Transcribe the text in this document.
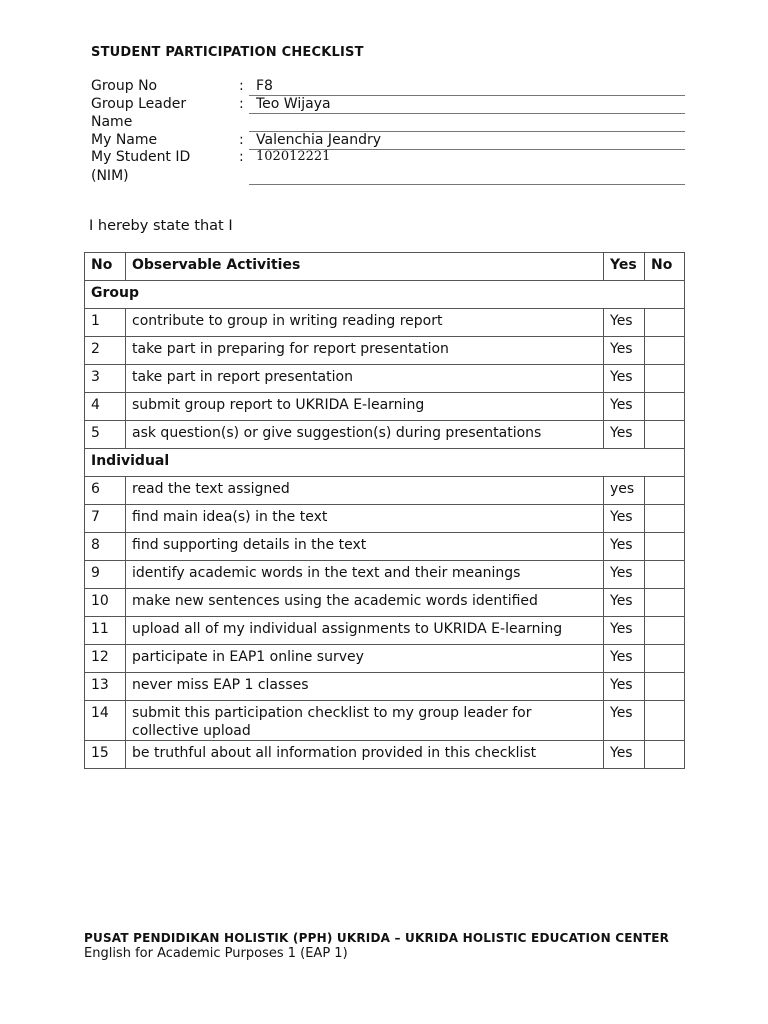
STUDENT PARTICIPATION CHECKLIST
Group No	: F8
Group Leader	: Teo Wijaya
Name
My Name	: Valenchia Jeandry
My Student ID	: 102012221
(NIM)
I hereby state that I
No	Observable Activities	Yes	No
Group			
1	contribute to group in writing reading report	Yes	
2	take part in preparing for report presentation	Yes	
3	take part in report presentation	Yes	
4	submit group report to UKRIDA E-learning	Yes	
5	ask question(s) or give suggestion(s) during presentations	Yes	
Individual			
6	read the text assigned	yes	
7	find main idea(s) in the text	Yes	
8	find supporting details in the text	Yes	
9	identify academic words in the text and their meanings	Yes	
10	make new sentences using the academic words identified	Yes	
11	upload all of my individual assignments to UKRIDA E-learning	Yes	
12	participate in EAP1 online survey	Yes	
13	never miss EAP 1 classes	Yes	
14	submit this participation checklist to my group leader for collective upload	Yes	
15	be truthful about all information provided in this checklist	Yes	
PUSAT PENDIDIKAN HOLISTIK (PPH) UKRIDA – UKRIDA HOLISTIC EDUCATION CENTER
English for Academic Purposes 1 (EAP 1)
